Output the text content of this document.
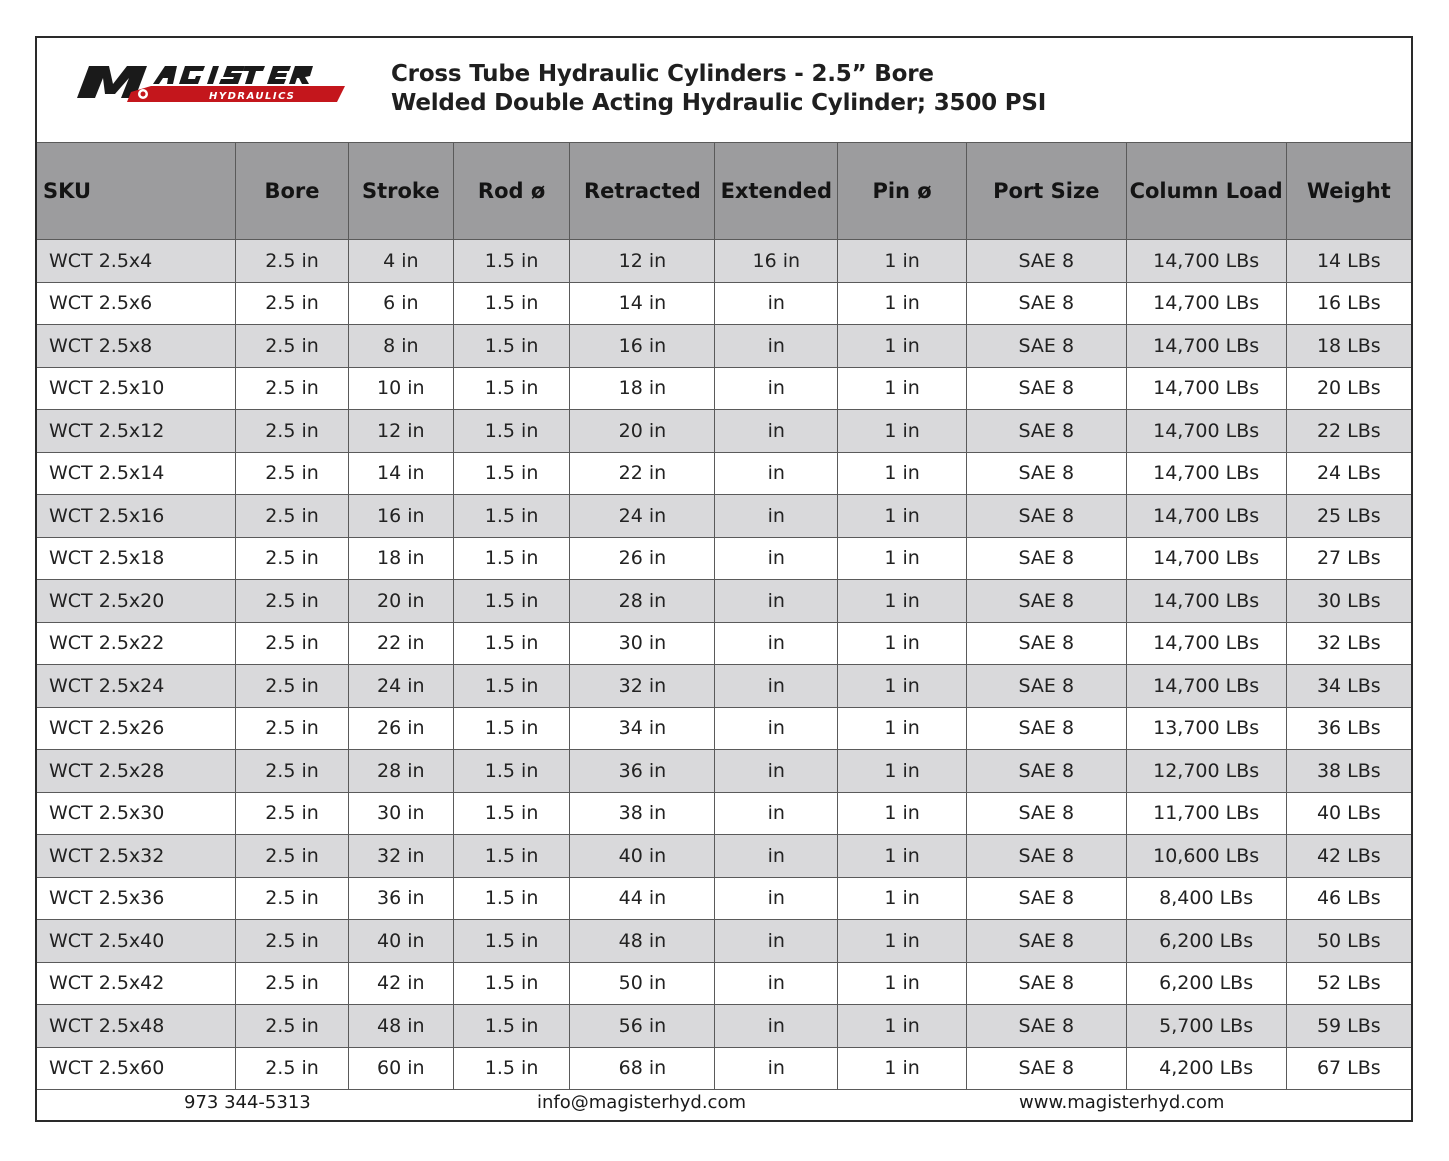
HYDRAULICS
Cross Tube Hydraulic Cylinders - 2.5” Bore
Welded Double Acting Hydraulic Cylinder; 3500 PSI
SKU	Bore	Stroke	Rod ø	Retracted	Extended	Pin ø	Port Size	Column Load	Weight
WCT 2.5x4	2.5 in	4 in	1.5 in	12 in	16 in	1 in	SAE 8	14,700 LBs	14 LBs
WCT 2.5x6	2.5 in	6 in	1.5 in	14 in	in	1 in	SAE 8	14,700 LBs	16 LBs
WCT 2.5x8	2.5 in	8 in	1.5 in	16 in	in	1 in	SAE 8	14,700 LBs	18 LBs
WCT 2.5x10	2.5 in	10 in	1.5 in	18 in	in	1 in	SAE 8	14,700 LBs	20 LBs
WCT 2.5x12	2.5 in	12 in	1.5 in	20 in	in	1 in	SAE 8	14,700 LBs	22 LBs
WCT 2.5x14	2.5 in	14 in	1.5 in	22 in	in	1 in	SAE 8	14,700 LBs	24 LBs
WCT 2.5x16	2.5 in	16 in	1.5 in	24 in	in	1 in	SAE 8	14,700 LBs	25 LBs
WCT 2.5x18	2.5 in	18 in	1.5 in	26 in	in	1 in	SAE 8	14,700 LBs	27 LBs
WCT 2.5x20	2.5 in	20 in	1.5 in	28 in	in	1 in	SAE 8	14,700 LBs	30 LBs
WCT 2.5x22	2.5 in	22 in	1.5 in	30 in	in	1 in	SAE 8	14,700 LBs	32 LBs
WCT 2.5x24	2.5 in	24 in	1.5 in	32 in	in	1 in	SAE 8	14,700 LBs	34 LBs
WCT 2.5x26	2.5 in	26 in	1.5 in	34 in	in	1 in	SAE 8	13,700 LBs	36 LBs
WCT 2.5x28	2.5 in	28 in	1.5 in	36 in	in	1 in	SAE 8	12,700 LBs	38 LBs
WCT 2.5x30	2.5 in	30 in	1.5 in	38 in	in	1 in	SAE 8	11,700 LBs	40 LBs
WCT 2.5x32	2.5 in	32 in	1.5 in	40 in	in	1 in	SAE 8	10,600 LBs	42 LBs
WCT 2.5x36	2.5 in	36 in	1.5 in	44 in	in	1 in	SAE 8	8,400 LBs	46 LBs
WCT 2.5x40	2.5 in	40 in	1.5 in	48 in	in	1 in	SAE 8	6,200 LBs	50 LBs
WCT 2.5x42	2.5 in	42 in	1.5 in	50 in	in	1 in	SAE 8	6,200 LBs	52 LBs
WCT 2.5x48	2.5 in	48 in	1.5 in	56 in	in	1 in	SAE 8	5,700 LBs	59 LBs
WCT 2.5x60	2.5 in	60 in	1.5 in	68 in	in	1 in	SAE 8	4,200 LBs	67 LBs
973 344-5313	info@magisterhyd.com	www.magisterhyd.com
